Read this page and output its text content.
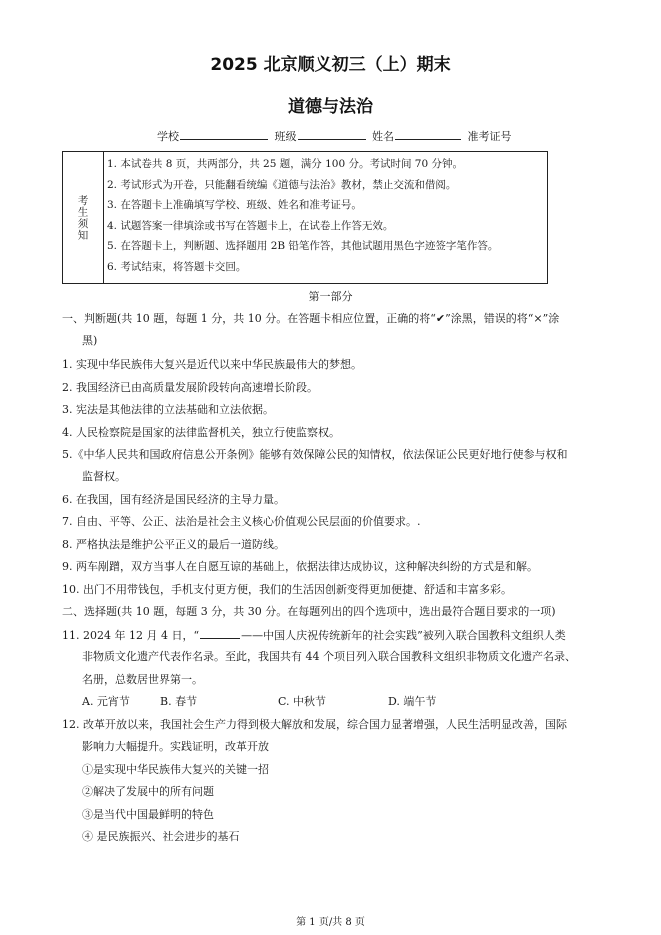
2025 北京顺义初三（上）期末
道德与法治
学校	班级	姓名	准考证号
考生须知
1. 本试卷共 8 页，共两部分，共 25 题，满分 100 分。考试时间 70 分钟。
2. 考试形式为开卷，只能翻看统编《道德与法治》教材，禁止交流和借阅。
3. 在答题卡上准确填写学校、班级、姓名和准考证号。
4. 试题答案一律填涂或书写在答题卡上，在试卷上作答无效。
5. 在答题卡上，判断题、选择题用 2B 铅笔作答，其他试题用黑色字迹签字笔作答。
6. 考试结束，将答题卡交回。
第一部分
一、判断题(共 10 题，每题 1 分，共 10 分。在答题卡相应位置，正确的将“✔”涂黑，错误的将“×”涂
黑)
1. 实现中华民族伟大复兴是近代以来中华民族最伟大的梦想。
2. 我国经济已由高质量发展阶段转向高速增长阶段。
3. 宪法是其他法律的立法基础和立法依据。
4. 人民检察院是国家的法律监督机关，独立行使监察权。
5.《中华人民共和国政府信息公开条例》能够有效保障公民的知情权，依法保证公民更好地行使参与权和
监督权。
6. 在我国，国有经济是国民经济的主导力量。
7. 自由、平等、公正、法治是社会主义核心价值观公民层面的价值要求。.
8. 严格执法是维护公平正义的最后一道防线。
9. 两车剐蹭，双方当事人在自愿互谅的基础上，依据法律达成协议，这种解决纠纷的方式是和解。
10. 出门不用带钱包，手机支付更方便，我们的生活因创新变得更加便捷、舒适和丰富多彩。
二、选择题(共 10 题，每题 3 分，共 30 分。在每题列出的四个选项中，选出最符合题目要求的一项)
11. 2024 年 12 月 4 日，“	——中国人庆祝传统新年的社会实践”被列入联合国教科文组织人类
非物质文化遗产代表作名录。至此，我国共有 44 个项目列入联合国教科文组织非物质文化遗产名录、
名册，总数居世界第一。
A. 元宵节	B. 春节	C. 中秋节	D. 端午节
12. 改革开放以来，我国社会生产力得到极大解放和发展，综合国力显著增强，人民生活明显改善，国际
影响力大幅提升。实践证明，改革开放
①是实现中华民族伟大复兴的关键一招
②解决了发展中的所有问题
③是当代中国最鲜明的特色
④ 是民族振兴、社会进步的基石
第 1 页/共 8 页
